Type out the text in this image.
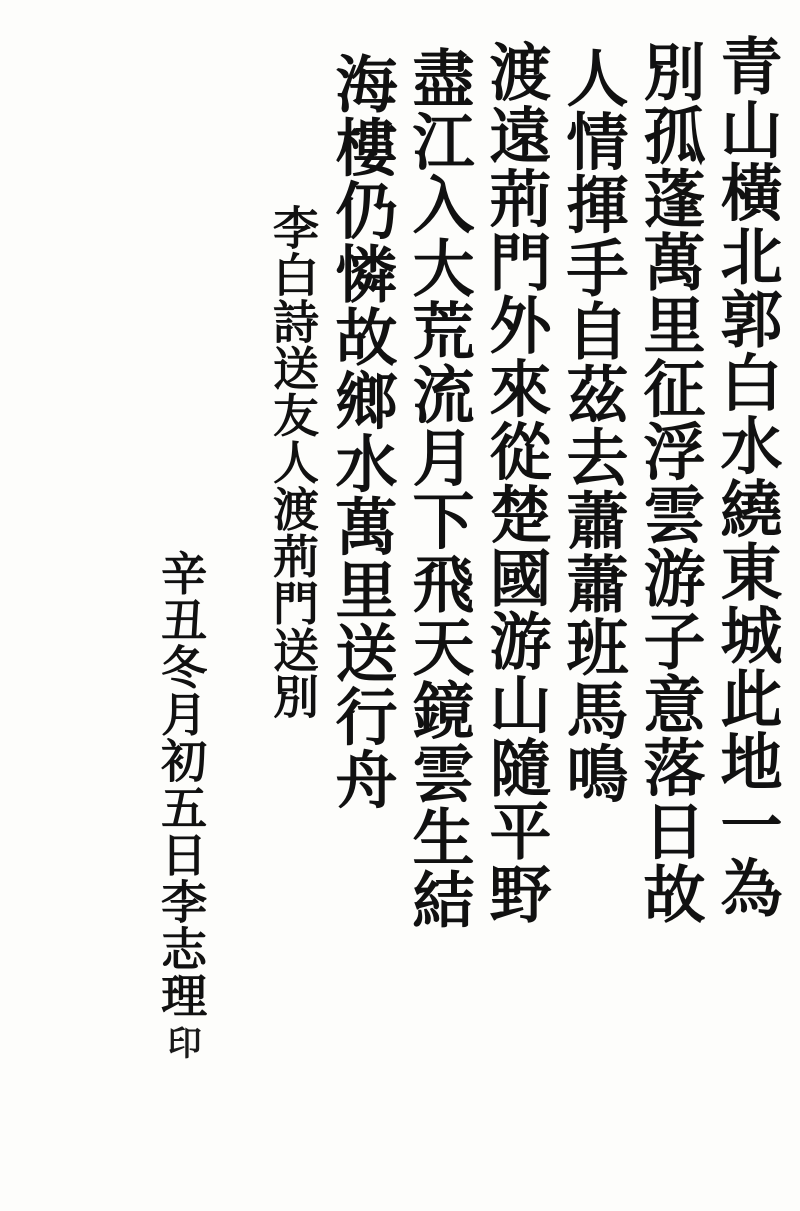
青山橫北郭白水繞東城此地一為
別孤蓬萬里征浮雲游子意落日故
人情揮手自茲去蕭蕭班馬鳴
渡遠荊門外來從楚國游山隨平野
盡江入大荒流月下飛天鏡雲生結
海樓仍憐故鄉水萬里送行舟
李白詩送友人渡荊門送別

辛丑冬月初五日李志理印
